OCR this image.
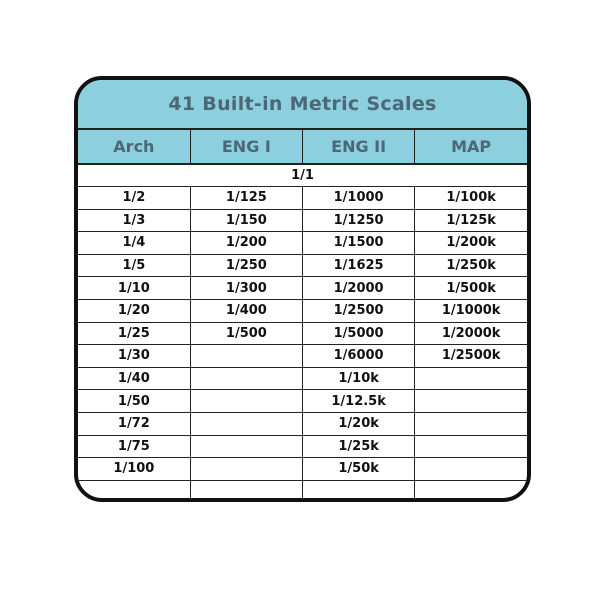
41 Built-in Metric Scales
Arch	ENG I	ENG II	MAP
1/1			
1/2	1/125	1/1000	1/100k
1/3	1/150	1/1250	1/125k
1/4	1/200	1/1500	1/200k
1/5	1/250	1/1625	1/250k
1/10	1/300	1/2000	1/500k
1/20	1/400	1/2500	1/1000k
1/25	1/500	1/5000	1/2000k
1/30		1/6000	1/2500k
1/40		1/10k	
1/50		1/12.5k	
1/72		1/20k	
1/75		1/25k	
1/100		1/50k	
